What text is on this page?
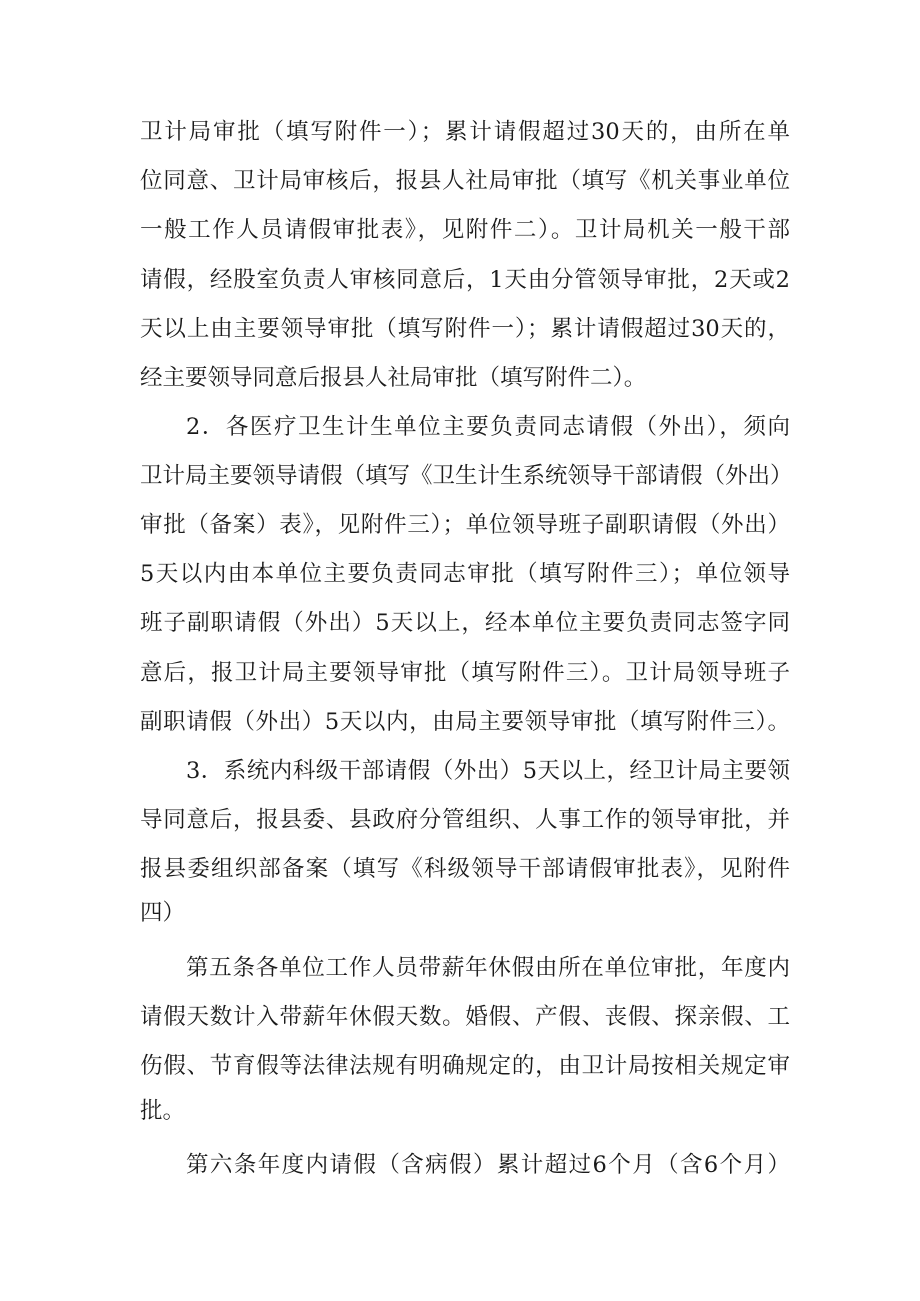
卫计局审批（填写附件一）；累计请假超过30天的，由所在单
位同意、卫计局审核后，报县人社局审批（填写《机关事业单位
一般工作人员请假审批表》，见附件二）。卫计局机关一般干部
请假，经股室负责人审核同意后，1天由分管领导审批，2天或2
天以上由主要领导审批（填写附件一）；累计请假超过30天的，
经主要领导同意后报县人社局审批（填写附件二）。
2．各医疗卫生计生单位主要负责同志请假（外出），须向
卫计局主要领导请假（填写《卫生计生系统领导干部请假（外出）
审批（备案）表》，见附件三）；单位领导班子副职请假（外出）
5天以内由本单位主要负责同志审批（填写附件三）；单位领导
班子副职请假（外出）5天以上，经本单位主要负责同志签字同
意后，报卫计局主要领导审批（填写附件三）。卫计局领导班子
副职请假（外出）5天以内，由局主要领导审批（填写附件三）。
3．系统内科级干部请假（外出）5天以上，经卫计局主要领
导同意后，报县委、县政府分管组织、人事工作的领导审批，并
报县委组织部备案（填写《科级领导干部请假审批表》，见附件
四）
第五条各单位工作人员带薪年休假由所在单位审批，年度内
请假天数计入带薪年休假天数。婚假、产假、丧假、探亲假、工
伤假、节育假等法律法规有明确规定的，由卫计局按相关规定审
批。
第六条年度内请假（含病假）累计超过6个月（含6个月）
